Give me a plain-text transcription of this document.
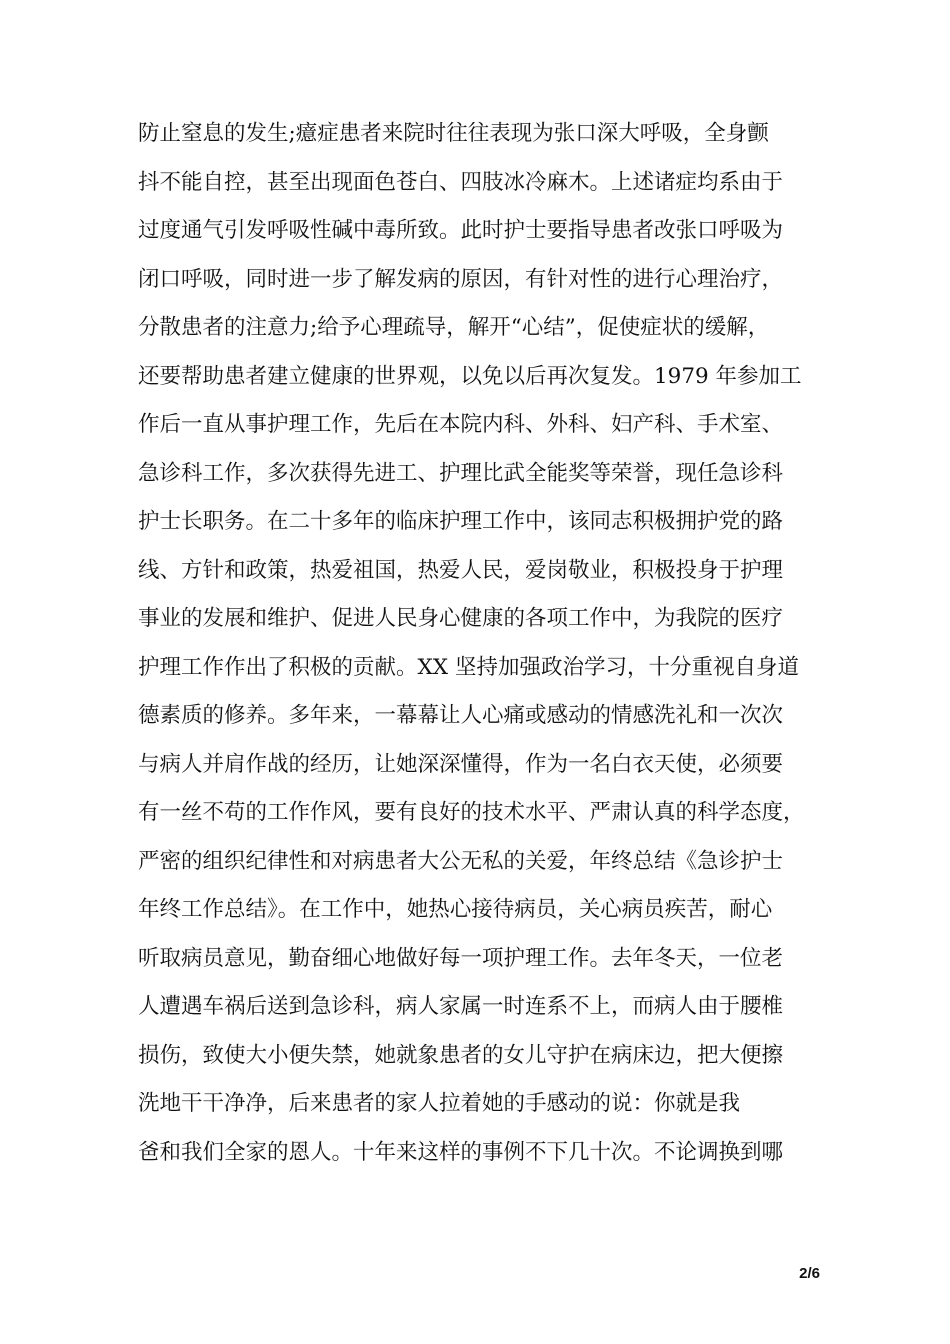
防止窒息的发生;癔症患者来院时往往表现为张口深大呼吸，全身颤
抖不能自控，甚至出现面色苍白、四肢冰冷麻木。上述诸症均系由于
过度通气引发呼吸性碱中毒所致。此时护士要指导患者改张口呼吸为
闭口呼吸，同时进一步了解发病的原因，有针对性的进行心理治疗，
分散患者的注意力;给予心理疏导，解开“心结”，促使症状的缓解，
还要帮助患者建立健康的世界观，以免以后再次复发。1979 年参加工
作后一直从事护理工作，先后在本院内科、外科、妇产科、手术室、
急诊科工作，多次获得先进工、护理比武全能奖等荣誉，现任急诊科
护士长职务。在二十多年的临床护理工作中，该同志积极拥护党的路
线、方针和政策，热爱祖国，热爱人民，爱岗敬业，积极投身于护理
事业的发展和维护、促进人民身心健康的各项工作中，为我院的医疗
护理工作作出了积极的贡献。XX 坚持加强政治学习，十分重视自身道
德素质的修养。多年来，一幕幕让人心痛或感动的情感洗礼和一次次
与病人并肩作战的经历，让她深深懂得，作为一名白衣天使，必须要
有一丝不苟的工作作风，要有良好的技术水平、严肃认真的科学态度，
严密的组织纪律性和对病患者大公无私的关爱，年终总结《急诊护士
年终工作总结》。在工作中，她热心接待病员，关心病员疾苦，耐心
听取病员意见，勤奋细心地做好每一项护理工作。去年冬天，一位老
人遭遇车祸后送到急诊科，病人家属一时连系不上，而病人由于腰椎
损伤，致使大小便失禁，她就象患者的女儿守护在病床边，把大便擦
洗地干干净净，后来患者的家人拉着她的手感动的说：你就是我
爸和我们全家的恩人。十年来这样的事例不下几十次。不论调换到哪
2/6
